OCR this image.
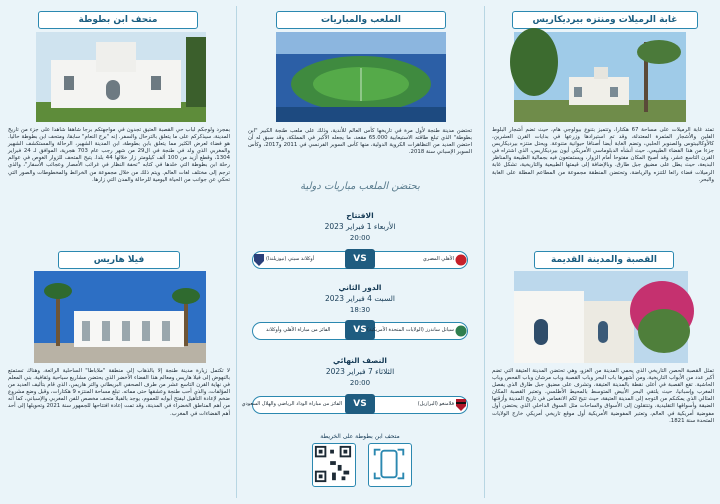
متحف ابن بطوطة

بمجرد ولوجكم لباب حي القصبة العتيق تجدون في مواجهتكم برجا شاهقا شاهدا على جزء من تاريخ المدينة، سيذكركم على ما يتعلق بالترحال والسفر. إنه "برج النعام" سابقا، ومتحف ابن بطوطة حاليا. هو فضاء لعرض الكثير مما يتعلق بابن بطوطة، ابن المدينة الشهير، الرحالة والمستكشف الشهير والمغربي الذي ولد في طنجة في ال29 من شهر رجب عام 703 هجرية، الموافق لـ 24 فبراير 1304، وقطع أزيد من 100 ألف كيلومتر زار خلالها 44 بلدا. يتيح المتحف للزوار الغوص في عوالم رحلة ابن بطوطة التي خلدها في كتابه "تحفة النظار في غرائب الأمصار وعجائب الأسفار"، والذي ترجم إلى مختلف لغات العالم. ويتم ذلك من خلال مجموعة من الخرائط والمخطوطات والصور التي تحكي عن جوانب من الحياة اليومية للرحالة والمدن التي زارها.

فيلا هاريس

لا تكتمل زيارة مدينة طنجة إلا بالذهاب إلى منطقة "ملاباطا" الساحلية الرائعة، وهناك تستمتع بالنهوض إلى فيلا هاريس ومعالم هذا الفضاء الأخضر الذي يحتضن مشاريع سياحية وثقافية. بني المعلم في نهاية القرن التاسع عشر من طرف الصحفي البريطاني والتر هاريس، الذي قام بتأليف العديد من المؤلفات، والذي أحب طنجة وعشقها حتى مماته. تبلغ مساحة المنتزه 9 هكتارات، وقبل وضع مشروع ضخم لإعادة التأهيل ليفتح أبوابه للعموم، يوجد بالفيلا متحف مخصص للفن المغربي والإسباني، كما أنه من أهم المناطق الخضراء في المدينة، وقد تمت إعادة افتتاحها للجمهور سنة 2021 وتحويلها إلى أحد أهم الفضاءات في المغرب.

الملعب والمباريات

تحتضن مدينة طنجة لأول مرة في تاريخها كأس العالم للأندية، وذلك على ملعب طنجة الكبير "ابن بطوطة" الذي تبلغ طاقته الاستيعابية 65.000 مقعد، ما يجعله الأكبر في المملكة، وقد سبق له أن احتضن العديد من التظاهرات الكروية الدولية، منها كأس السوبر الفرنسي في 2011 و2017، وكأس السوبر الإسباني سنة 2018.

بحتضن الملعب مباريات دولية
الافتتاح
الأربعاء 1 فبراير 2023
20:00
أوكلاند سيتي (نيوزيلندا)	VS	الأهلي المصري
الدور الثاني
السبت 4 فبراير 2023
18:30
الفائز من مباراة الأهلي وأوكلاند	VS سياتل ساندرز (الولايات المتحدة الأمريكية)
النصف النهائي
الثلاثاء 7 فبراير 2023
20:00
الفائز من مباراة الوداد الرياضي والهلال السعودي	VS	فلامنغو (البرازيل)
متحف ابن بطوطة على الخريطة
غابة الرميلات ومنتزه بيرديكاريس

تمتد غابة الرميلات على مساحة 67 هكتارا، وتتميز بتنوع بيولوجي هام، حيث تضم أشجار البلوط الفلين والأشجار المثمرة المعتدلة، وقد تم استيرادها وزرعها في بدايات القرن العشرين، كالأوكاليبتوس والصنوبر الحلبي، وتضم الغابة أيضا أصنافا حيوانية متنوعة. ويحتل منتزه بيرديكاريس جزءا من هذا الفضاء الطبيعي، حيث أنشأه الدبلوماسي الأمريكي أيون بيرديكاريس، الذي اشتراه في القرن التاسع عشر، وقد أصبح المكان مفتوحا أمام الزوار، ويستمتعون فيه بجمالية الطبيعة والمناظر البديعة، حيث يطل على مضيق جبل طارق. وبالإضافة إلى قيمتها الطبيعية والتاريخية، تشكل غابة الرميلات فضاء رائعا للتنزه والرياضة، وتحتضن المنطقة مجموعة من المطاعم المطلة على الغابة والبحر.

القصبة والمدينة القديمة

تمثل القصبة الحصن التاريخي الذي يحمي المدينة من الغزو، وهي تحتضن المدينة العتيقة التي تضم أكبر عدد من الأبواب التاريخية، ومن أشهرها باب البحر وباب القصبة وباب مرشان وباب الفحص وباب الحاشية. تقع القصبة في أعلى نقطة بالمدينة العتيقة، وتشرف على مضيق جبل طارق الذي يفصل المغرب وإسبانيا، حيث يلتقي البحر الأبيض المتوسط بالمحيط الأطلسي. وتعتبر القصبة المكان المثالي الذي يمكنكم من التوجه إلى المدينة العتيقة، حيث تتيح لكم الانغماس في تاريخ المدينة وأزقتها الضيقة وأسواقها التقليدية، وتنتقلون إلى الأسواق والساحات مثل السوق الداخلي الذي يحتضن أول مفوضية أمريكية في العالم، وتعتبر المفوضية الأمريكية أول موقع تاريخي أمريكي خارج الولايات المتحدة سنة 1821.
